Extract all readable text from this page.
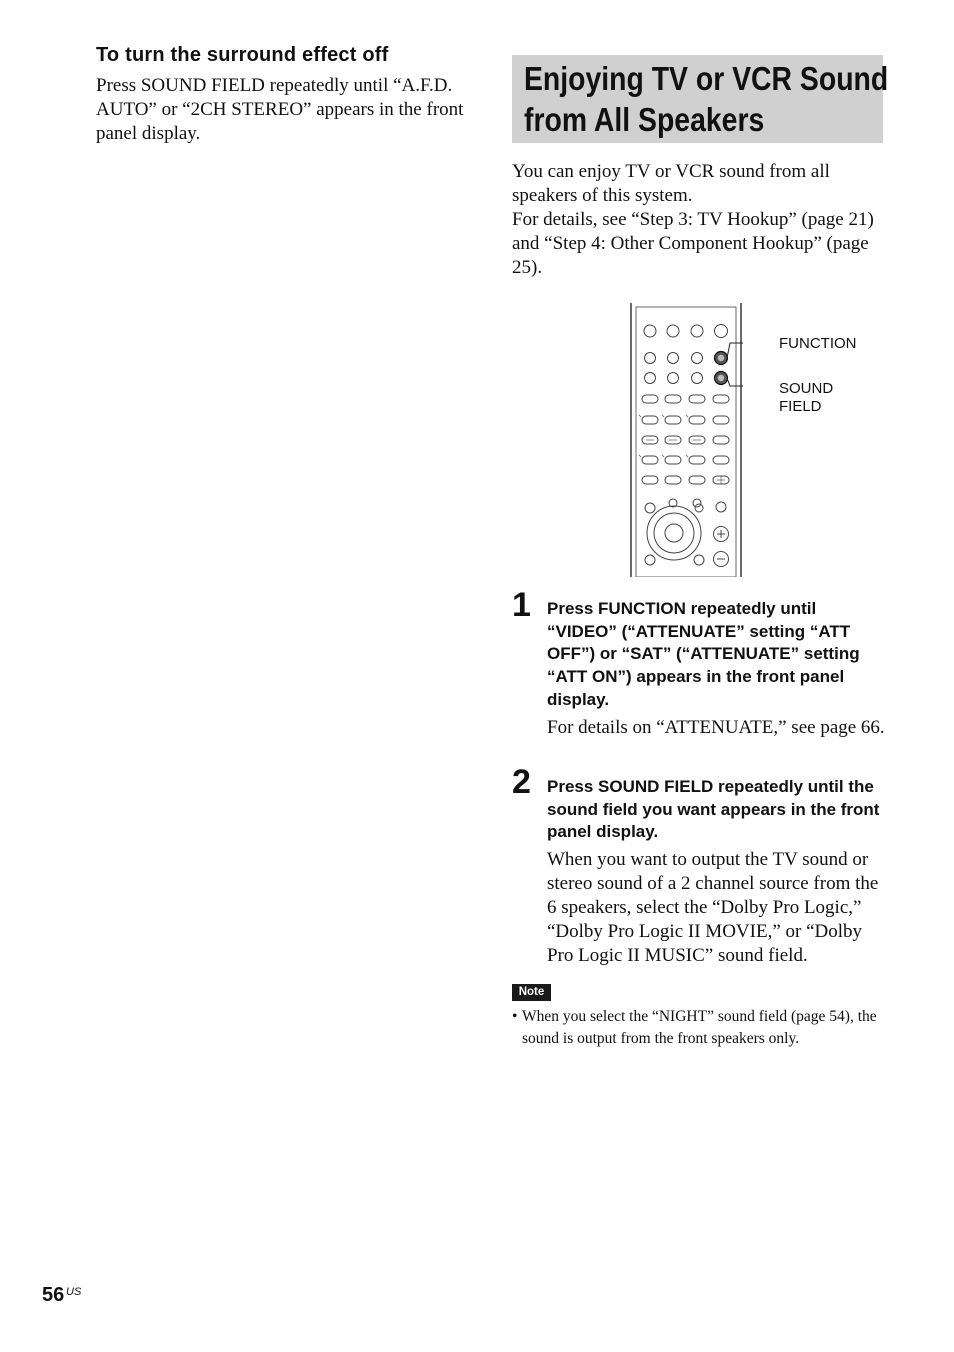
To turn the surround effect off
Press SOUND FIELD repeatedly until “A.F.D. AUTO” or “2CH STEREO” appears in the front panel display.
Enjoying TV or VCR Sound
from All Speakers

You can enjoy TV or VCR sound from all speakers of this system.

For details, see “Step 3: TV Hookup” (page 21) and “Step 4: Other Component Hookup” (page 25).

FUNCTION
SOUND
FIELD
1 Press FUNCTION repeatedly until “VIDEO” (“ATTENUATE” setting “ATT OFF”) or “SAT” (“ATTENUATE” setting “ATT ON”) appears in the front panel display.
For details on “ATTENUATE,” see page 66.
2 Press SOUND FIELD repeatedly until the sound field you want appears in the front panel display.
When you want to output the TV sound or stereo sound of a 2 channel source from the 6 speakers, select the “Dolby Pro Logic,” “Dolby Pro Logic II MOVIE,” or “Dolby Pro Logic II MUSIC” sound field.
Note
• When you select the “NIGHT” sound field (page 54), the sound is output from the front speakers only.
56 US
